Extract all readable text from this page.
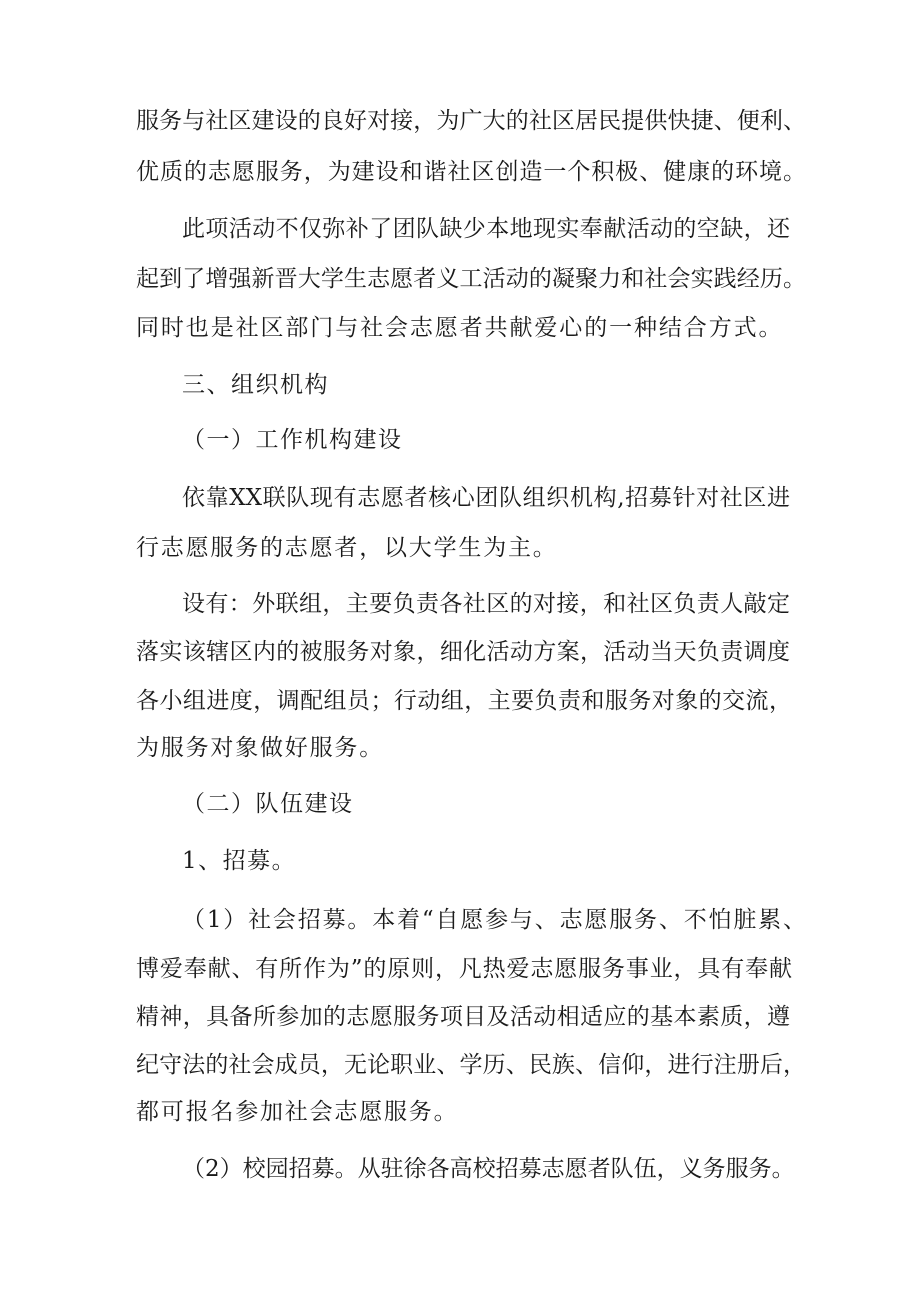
服务与社区建设的良好对接，为广大的社区居民提供快捷、便利、
优质的志愿服务，为建设和谐社区创造一个积极、健康的环境。
此项活动不仅弥补了团队缺少本地现实奉献活动的空缺，还
起到了增强新晋大学生志愿者义工活动的凝聚力和社会实践经历。
同时也是社区部门与社会志愿者共献爱心的一种结合方式。
三、组织机构
（一）工作机构建设
依靠XX联队现有志愿者核心团队组织机构,招募针对社区进
行志愿服务的志愿者，以大学生为主。
设有：外联组，主要负责各社区的对接，和社区负责人敲定
落实该辖区内的被服务对象，细化活动方案，活动当天负责调度
各小组进度，调配组员；行动组，主要负责和服务对象的交流，
为服务对象做好服务。
（二）队伍建设
1、招募。
（1）社会招募。本着“自愿参与、志愿服务、不怕脏累、
博爱奉献、有所作为”的原则，凡热爱志愿服务事业，具有奉献
精神，具备所参加的志愿服务项目及活动相适应的基本素质，遵
纪守法的社会成员，无论职业、学历、民族、信仰，进行注册后，
都可报名参加社会志愿服务。
（2）校园招募。从驻徐各高校招募志愿者队伍，义务服务。
